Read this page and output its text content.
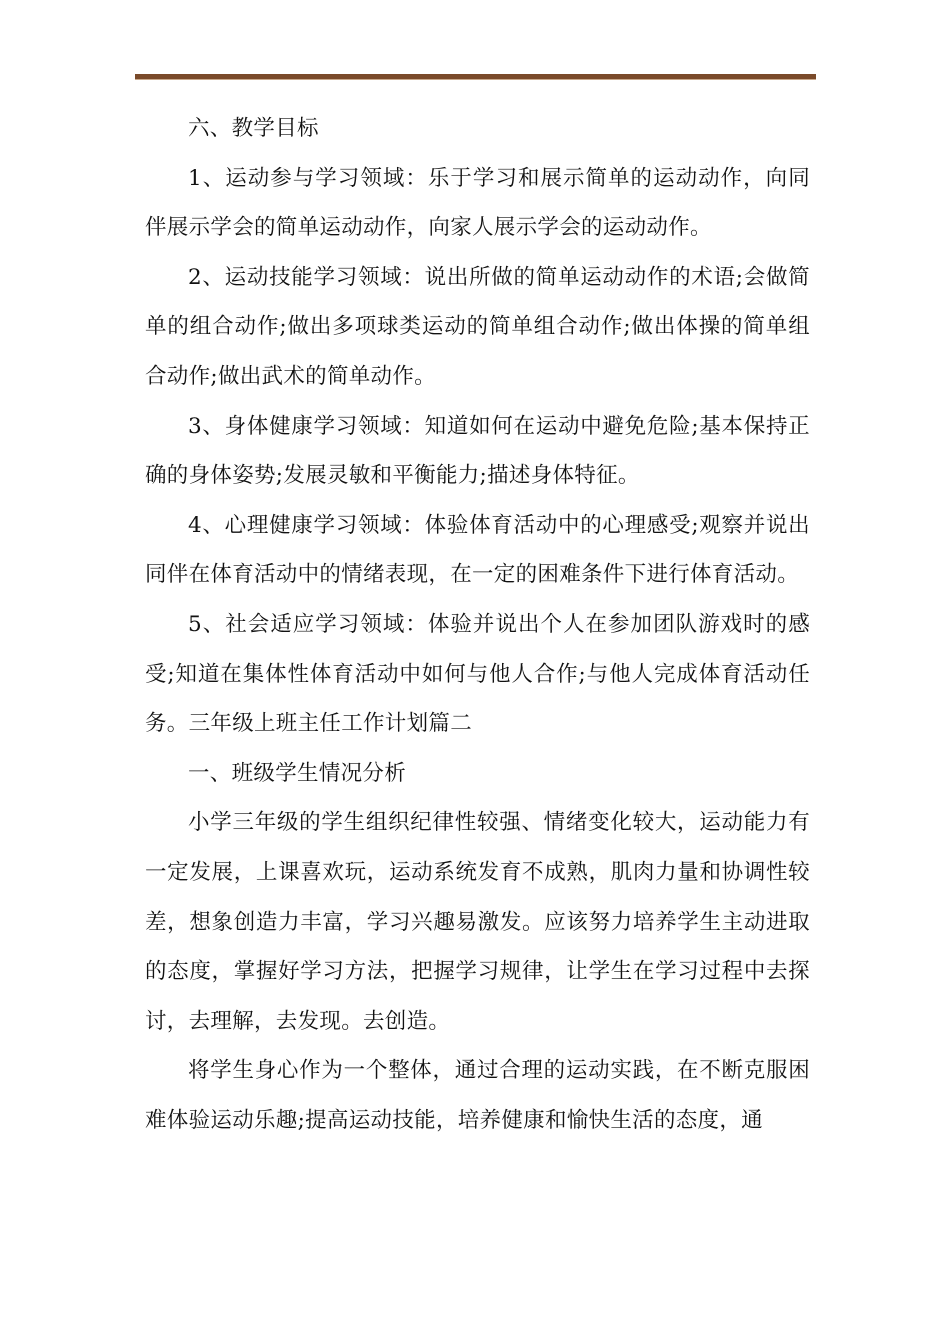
六、教学目标

1、运动参与学习领域：乐于学习和展示简单的运动动作，向同伴展示学会的简单运动动作，向家人展示学会的运动动作。

2、运动技能学习领域：说出所做的简单运动动作的术语;会做简单的组合动作;做出多项球类运动的简单组合动作;做出体操的简单组合动作;做出武术的简单动作。

3、身体健康学习领域：知道如何在运动中避免危险;基本保持正确的身体姿势;发展灵敏和平衡能力;描述身体特征。

4、心理健康学习领域：体验体育活动中的心理感受;观察并说出同伴在体育活动中的情绪表现，在一定的困难条件下进行体育活动。

5、社会适应学习领域：体验并说出个人在参加团队游戏时的感受;知道在集体性体育活动中如何与他人合作;与他人完成体育活动任务。三年级上班主任工作计划篇二

一、班级学生情况分析

小学三年级的学生组织纪律性较强、情绪变化较大，运动能力有一定发展，上课喜欢玩，运动系统发育不成熟，肌肉力量和协调性较差，想象创造力丰富，学习兴趣易激发。应该努力培养学生主动进取的态度，掌握好学习方法，把握学习规律，让学生在学习过程中去探讨，去理解，去发现。去创造。

将学生身心作为一个整体，通过合理的运动实践，在不断克服困难体验运动乐趣;提高运动技能，培养健康和愉快生活的态度，通
